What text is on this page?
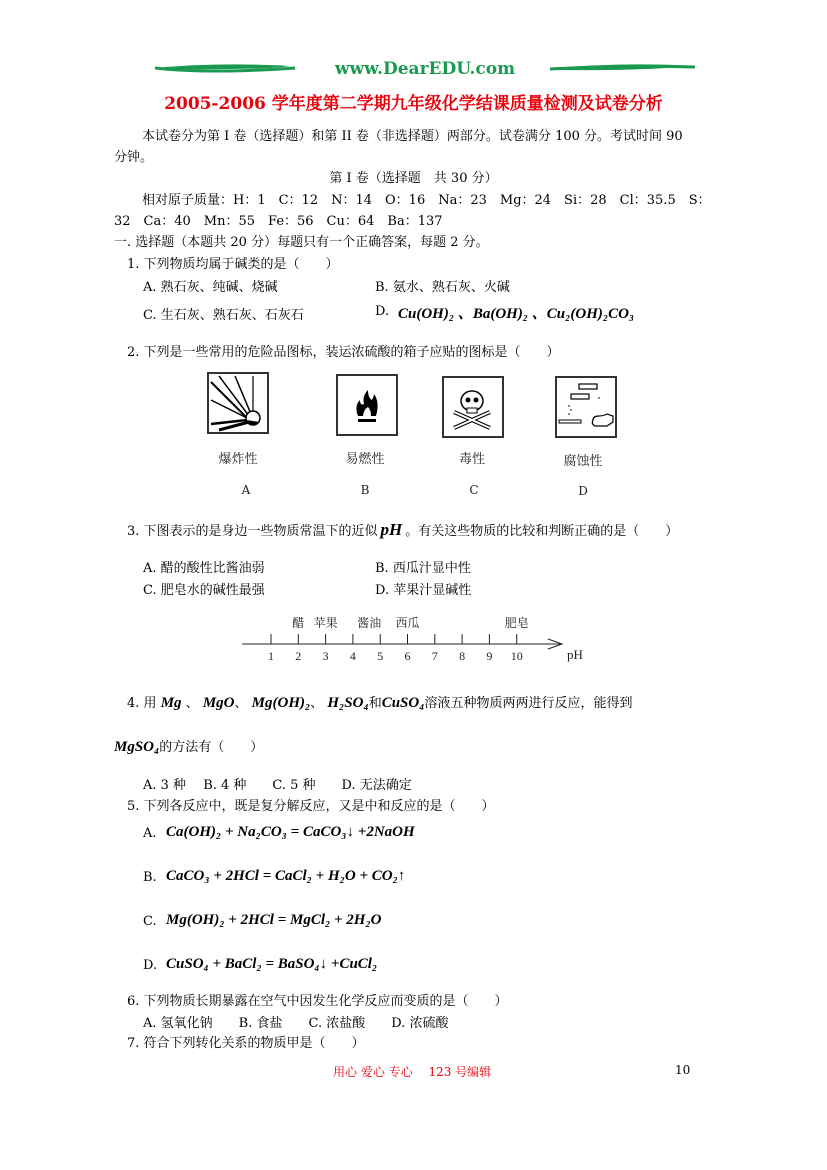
www.DearEDU.com
2005-2006 学年度第二学期九年级化学结课质量检测及试卷分析
本试卷分为第 I 卷（选择题）和第 II 卷（非选择题）两部分。试卷满分 100 分。考试时间 90
分钟。
第 I 卷（选择题　共 30 分）
相对原子质量：H：1　C：12　N：14　O：16　Na：23　Mg：24　Si：28　Cl：35.5　S：
32　Ca：40　Mn：55　Fe：56　Cu：64　Ba：137
一. 选择题（本题共 20 分）每题只有一个正确答案，每题 2 分。
1. 下列物质均属于碱类的是（　　）
A. 熟石灰、纯碱、烧碱	B. 氨水、熟石灰、火碱
C. 生石灰、熟石灰、石灰石	D. Cu(OH)₂ 、Ba(OH)₂ 、Cu₂(OH)₂CO₃
2. 下列是一些常用的危险品图标，装运浓硫酸的箱子应贴的图标是（　　）
爆炸性	易燃性	毒性	腐蚀性
A	B	C	D
3. 下图表示的是身边一些物质常温下的近似 pH 。有关这些物质的比较和判断正确的是（　　）
A. 醋的酸性比酱油弱	B. 西瓜汁显中性
C. 肥皂水的碱性最强	D. 苹果汁显碱性
1 2 3 4 5 6 7 8 9 10
醋 苹果 酱油 西瓜	肥皂
pH
4. 用 Mg 、 MgO、 Mg(OH)₂、 H₂SO₄和CuSO₄溶液五种物质两两进行反应，能得到
MgSO₄的方法有（　　）
A. 3 种　 B. 4 种　　C. 5 种　　D. 无法确定
5. 下列各反应中，既是复分解反应，又是中和反应的是（　　）
A. Ca(OH)₂ + Na₂CO₃ = CaCO₃↓ +2NaOH
B. CaCO₃ + 2HCl = CaCl₂ + H₂O + CO₂↑
C. Mg(OH)₂ + 2HCl = MgCl₂ + 2H₂O
D. CuSO₄ + BaCl₂ = BaSO₄↓ +CuCl₂
6. 下列物质长期暴露在空气中因发生化学反应而变质的是（　　）
A. 氢氧化钠　　B. 食盐　　C. 浓盐酸　　D. 浓硫酸
7. 符合下列转化关系的物质甲是（　　）
用心 爱心 专心　 123 号编辑	10
